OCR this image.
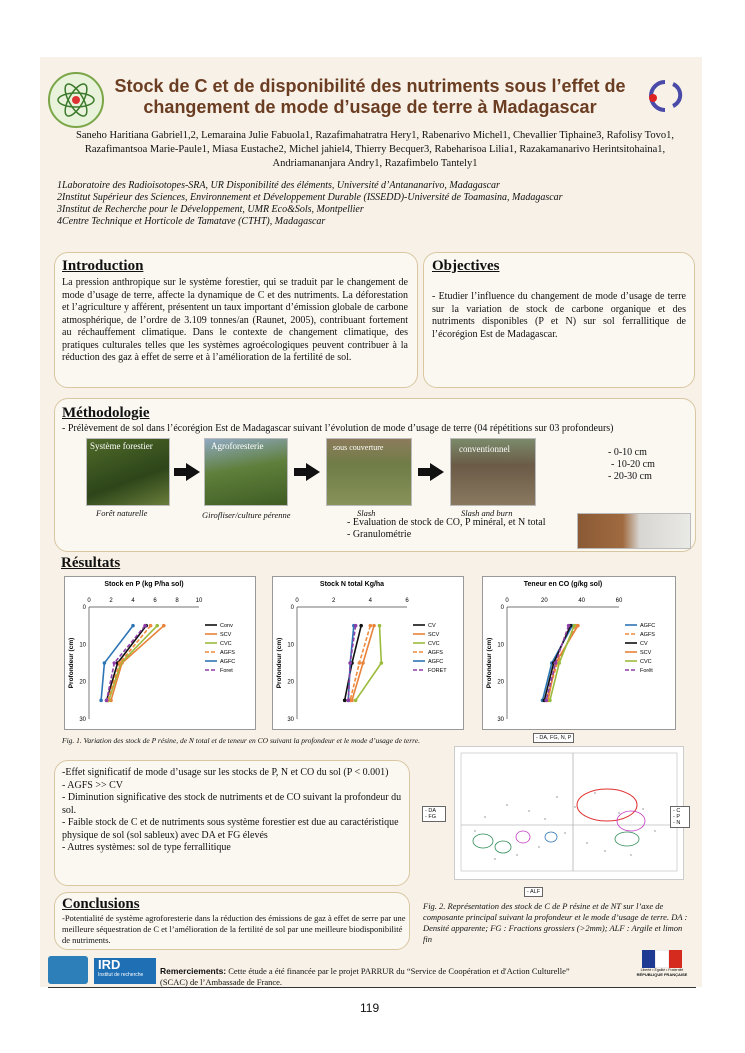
Stock de C et de disponibilité des nutriments sous l’effet de changement de mode d’usage de terre à Madagascar
Saneho Haritiana Gabriel1,2, Lemaraina Julie Fabuola1, Razafimahatratra Hery1, Rabenarivo Michel1, Chevallier Tiphaine3, Rafolisy Tovo1, Razafimantsoa Marie-Paule1, Miasa Eustache2, Michel jahiel4, Thierry Becquer3, Rabeharisoa Lilia1, Razakamanarivo Herintsitohaina1, Andriamananjara Andry1, Razafimbelo Tantely1
1Laboratoire des Radioisotopes-SRA, UR Disponibilité des éléments, Université d’Antananarivo, Madagascar
2Institut Supérieur des Sciences, Environnement et Développement Durable (ISSEDD)-Université de Toamasina, Madagascar
3Institut de Recherche pour le Développement, UMR Eco&Sols, Montpellier
4Centre Technique et Horticole de Tamatave (CTHT), Madagascar
Introduction
La pression anthropique sur le système forestier, qui se traduit par le changement de mode d’usage de terre, affecte la dynamique de C et des nutriments. La déforestation et l’agriculture y afférent, présentent un taux important d’émission globale de carbone atmosphérique, de l’ordre de 3.109 tonnes/an (Raunet, 2005), contribuant fortement au réchauffement climatique. Dans le contexte de changement climatique, des pratiques culturales telles que les systèmes agroécologiques peuvent contribuer à la réduction des gaz à effet de serre et à l’amélioration de la fertilité de sol.
Objectives
- Etudier l’influence du changement de mode d’usage de terre sur la variation de stock de carbone organique et des nutriments disponibles (P et N) sur sol ferrallitique de l’écorégion Est de Madagascar.
Méthodologie
- Prélèvement de sol dans l’écorégion Est de Madagascar suivant l’évolution de mode d’usage de terre (04 répétitions sur 03 profondeurs)
Système forestier	Agroforesterie	sous couverture	conventionnel
Forêt naturelle	Girofliser/culture pérenne	Slash	Slash and burn
- 0-10 cm
- 10-20 cm
- 20-30 cm
- Evaluation de stock de CO, P minéral, et N total
- Granulométrie
Résultats
Stock en P (kg P/ha sol)
0	2	4	6	8	10
0
10
20
30
Profondeur (cm)
Conv
SCV
CVC
AGFS
AGFC
Foret
Stock N total Kg/ha
0	2	4	6
0
10
20
30
Profondeur (cm)
CV
SCV
CVC
AGFS
AGFC
FORET
Teneur en CO (g/kg sol)
0	20	40	60
0
10
20
30
Profondeur (cm)
AGFC
AGFS
CV
SCV
CVC
Forêt
Fig. 1. Variation des stock de P résine, de N total et de teneur en CO suivant la profondeur et le mode d’usage de terre.
-Effet significatif de mode d’usage sur les stocks de P, N et CO du sol (P < 0.001)
- AGFS >> CV
- Diminution significative des stock de nutriments et de CO suivant la profondeur du sol.
- Faible stock de C et de nutriments sous système forestier est due au caractéristique physique de sol (sol sableux) avec DA et FG élevés
- Autres systèmes: sol de type ferrallitique
- DA, FG, N, P
- DA
- FG
- C
- P
- N
- ALF
Fig. 2. Représentation des stock de C de P résine et de NT sur l’axe de composante principal suivant la profondeur et le mode d’usage de terre. DA : Densité apparente; FG : Fractions grossiers (>2mm); ALF : Argile et limon fin
Conclusions
-Potentialité de système agroforesterie dans la réduction des émissions de gaz à effet de serre par une meilleure séquestration de C et l’amélioration de la fertilité de sol par une meilleure biodisponibilité de nutriments.
IRD
Institut de recherche	Remerciements: Cette étude a été financée par le projet PARRUR du “Service de Coopération et d'Action Culturelle” (SCAC) de l’Ambassade de France.
Liberté • Égalité • Fraternité
RÉPUBLIQUE FRANÇAISE
119
